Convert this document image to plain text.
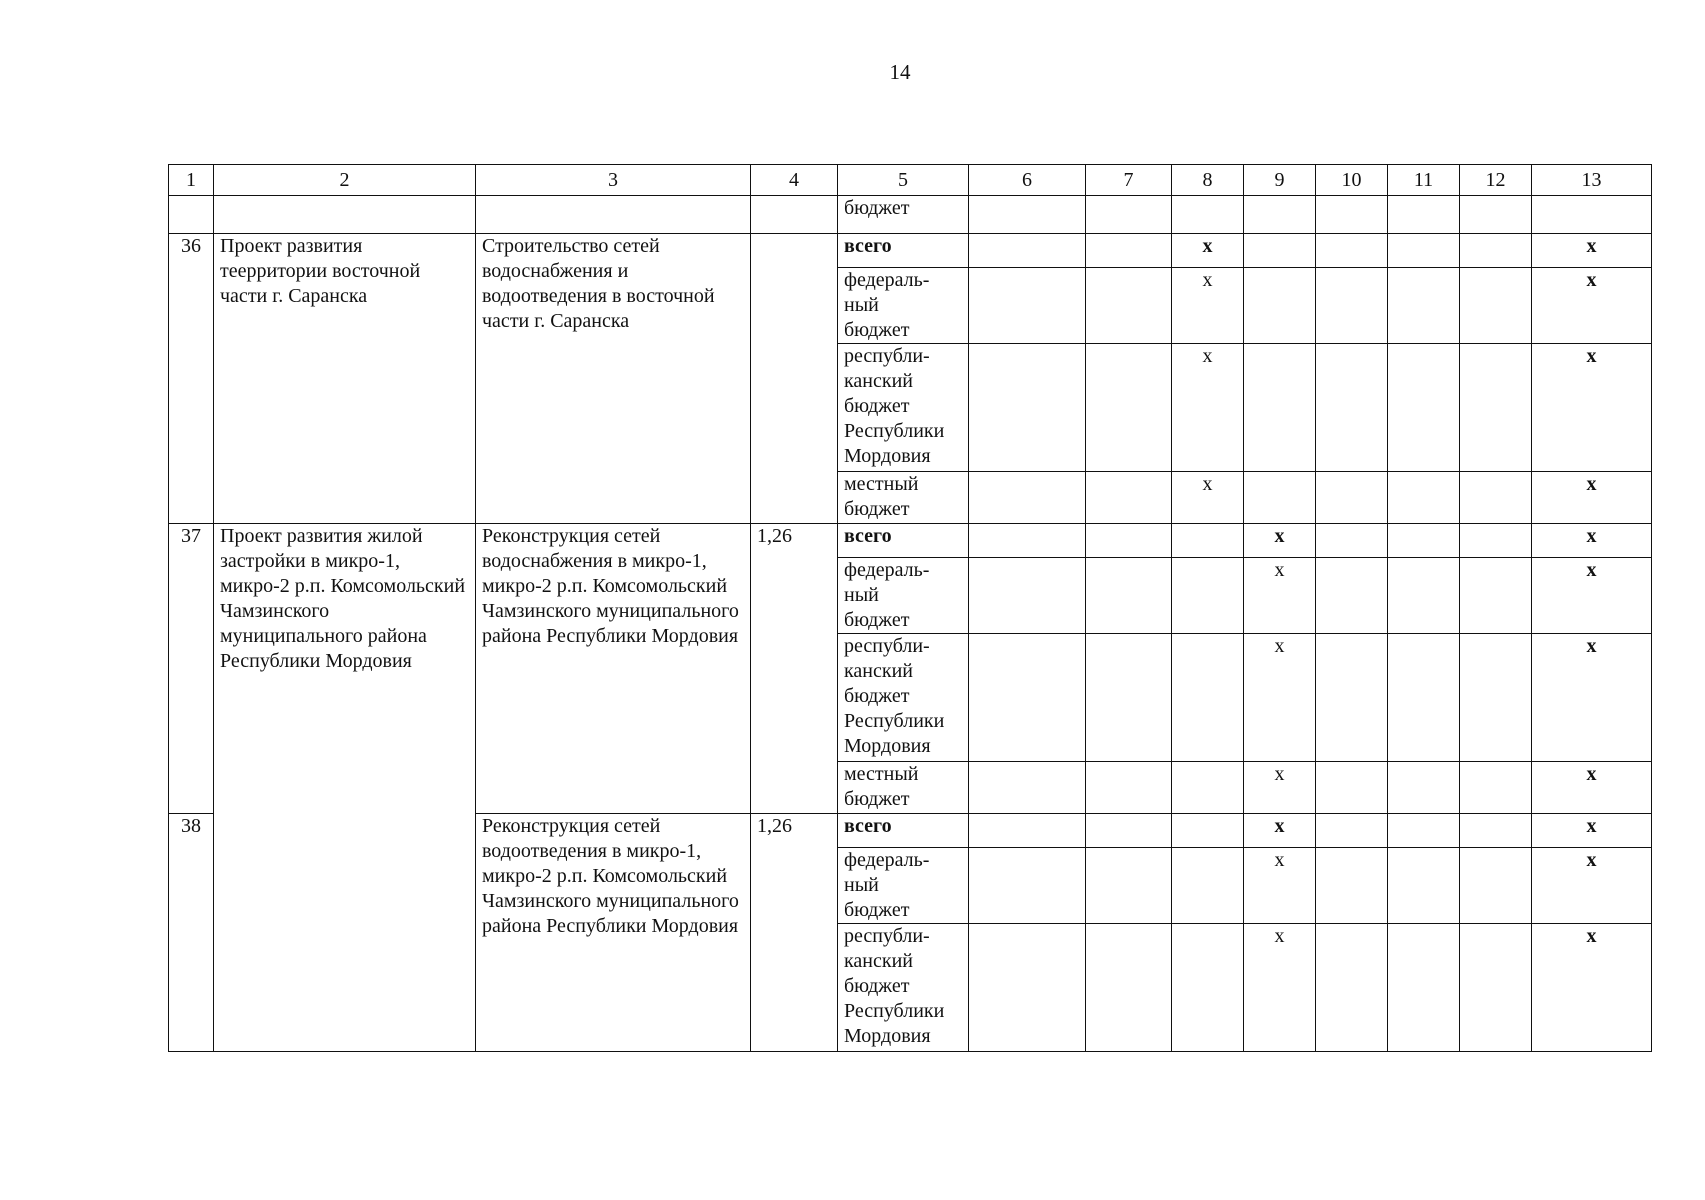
14
1	2	3	4	5	6	7	8	9	10	11	12	13
				бюджет								
36	Проект развития теерритории восточной части г. Саранска	Строительство сетей водоснабжения и водоотведения в восточной части г. Саранска		всего			x					x
				федераль-
ный
бюджет			x					x
				республи-
канский
бюджет
Республики
Мордовия			x					x
				местный
бюджет			x					x
37	Проект развития жилой застройки в микро-1, микро-2 р.п. Комсомольский Чамзинского муниципального района Республики Мордовия	Реконструкция сетей водоснабжения в микро-1, микро-2 р.п. Комсомольский Чамзинского муниципального района Республики Мордовия	1,26	всего				x				x
				федераль-
ный
бюджет				x				x
				республи-
канский
бюджет
Республики
Мордовия				x				x
				местный
бюджет				x				x
38		Реконструкция сетей водоотведения в микро-1, микро-2 р.п. Комсомольский Чамзинского муниципального района Республики Мордовия	1,26	всего				x				x
				федераль-
ный
бюджет				x				x
				республи-
канский
бюджет
Республики
Мордовия				x				x
